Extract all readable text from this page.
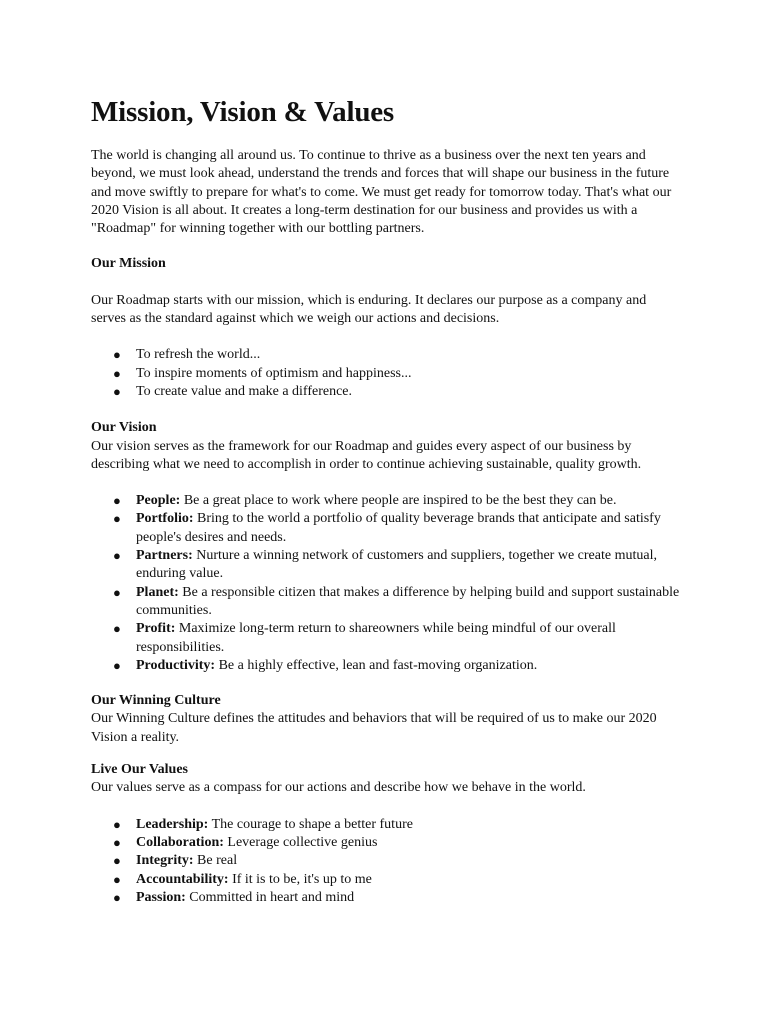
Mission, Vision & Values

The world is changing all around us. To continue to thrive as a business over the next ten years and beyond, we must look ahead, understand the trends and forces that will shape our business in the future and move swiftly to prepare for what's to come. We must get ready for tomorrow today. That's what our 2020 Vision is all about. It creates a long-term destination for our business and provides us with a "Roadmap" for winning together with our bottling partners.

Our Mission

Our Roadmap starts with our mission, which is enduring. It declares our purpose as a company and serves as the standard against which we weigh our actions and decisions.

● To refresh the world...
● To inspire moments of optimism and happiness...
● To create value and make a difference.
Our Vision

Our vision serves as the framework for our Roadmap and guides every aspect of our business by describing what we need to accomplish in order to continue achieving sustainable, quality growth.

● People: Be a great place to work where people are inspired to be the best they can be.
● Portfolio: Bring to the world a portfolio of quality beverage brands that anticipate and satisfy people's desires and needs.
● Partners: Nurture a winning network of customers and suppliers, together we create mutual, enduring value.
● Planet: Be a responsible citizen that makes a difference by helping build and support sustainable communities.
● Profit: Maximize long-term return to shareowners while being mindful of our overall responsibilities.
● Productivity: Be a highly effective, lean and fast-moving organization.
Our Winning Culture

Our Winning Culture defines the attitudes and behaviors that will be required of us to make our 2020 Vision a reality.

Live Our Values

Our values serve as a compass for our actions and describe how we behave in the world.

● Leadership: The courage to shape a better future
● Collaboration: Leverage collective genius
● Integrity: Be real
● Accountability: If it is to be, it's up to me
● Passion: Committed in heart and mind
